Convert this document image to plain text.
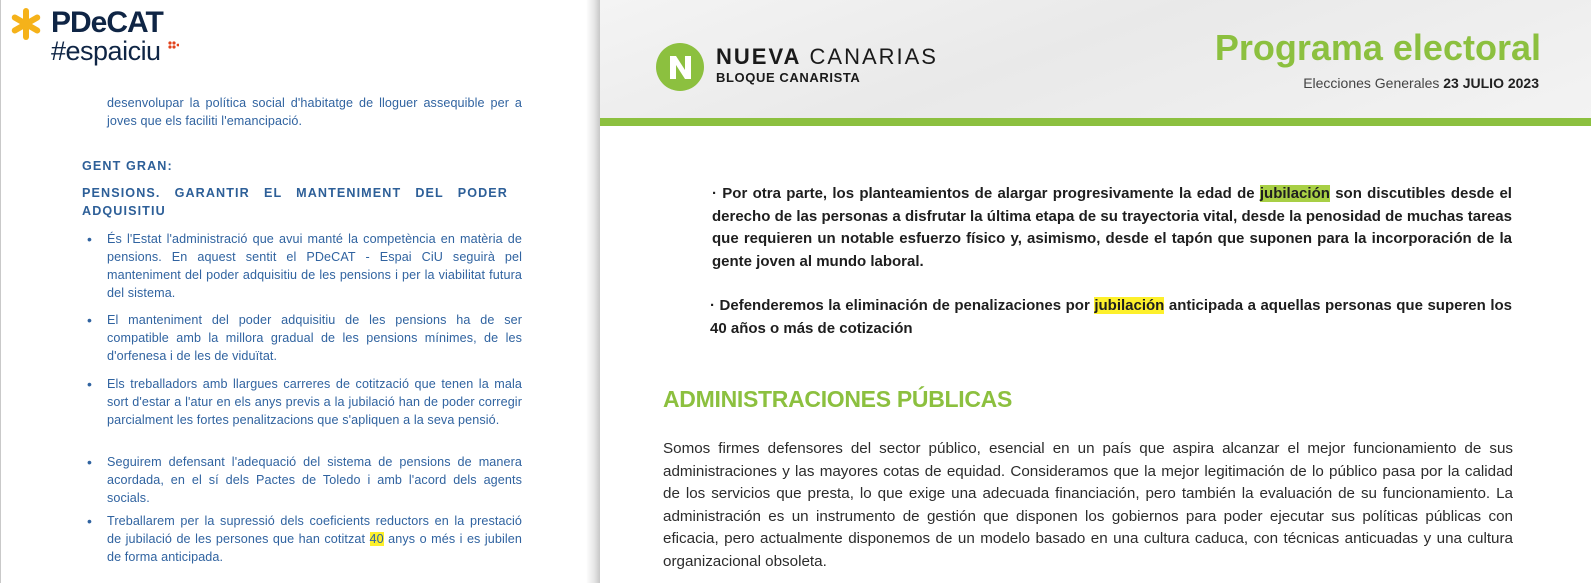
PDeCAT
#espaiciu
desenvolupar la política social d'habitatge de lloguer assequible per a joves que els faciliti l'emancipació.
GENT GRAN:
PENSIONS. GARANTIR EL MANTENIMENT DEL PODER ADQUISITIU
• És l'Estat l'administració que avui manté la competència en matèria de pensions. En aquest sentit el PDeCAT - Espai CiU seguirà pel manteniment del poder adquisitiu de les pensions i per la viabilitat futura del sistema.
• El manteniment del poder adquisitiu de les pensions ha de ser compatible amb la millora gradual de les pensions mínimes, de les d'orfenesa i de les de viduïtat.
• Els treballadors amb llargues carreres de cotització que tenen la mala sort d'estar a l'atur en els anys previs a la jubilació han de poder corregir parcialment les fortes penalitzacions que s'apliquen a la seva pensió.
• Seguirem defensant l'adequació del sistema de pensions de manera acordada, en el sí dels Pactes de Toledo i amb l'acord dels agents socials.
• Treballarem per la supressió dels coeficients reductors en la prestació de jubilació de les persones que han cotitzat 40 anys o més i es jubilen de forma anticipada.
NUEVA CANARIAS
BLOQUE CANARISTA
Programa electoral
Elecciones Generales 23 JULIO 2023
· Por otra parte, los planteamientos de alargar progresivamente la edad de jubilación son discutibles desde el derecho de las personas a disfrutar la última etapa de su trayectoria vital, desde la penosidad de muchas tareas que requieren un notable esfuerzo físico y, asimismo, desde el tapón que suponen para la incorporación de la gente joven al mundo laboral.
· Defenderemos la eliminación de penalizaciones por jubilación anticipada a aquellas personas que superen los 40 años o más de cotización
ADMINISTRACIONES PÚBLICAS
Somos firmes defensores del sector público, esencial en un país que aspira alcanzar el mejor funcionamiento de sus administraciones y las mayores cotas de equidad. Consideramos que la mejor legitimación de lo público pasa por la calidad de los servicios que presta, lo que exige una adecuada financiación, pero también la evaluación de su funcionamiento. La administración es un instrumento de gestión que disponen los gobiernos para poder ejecutar sus políticas públicas con eficacia, pero actualmente disponemos de un modelo basado en una cultura caduca, con técnicas anticuadas y una cultura organizacional obsoleta.
